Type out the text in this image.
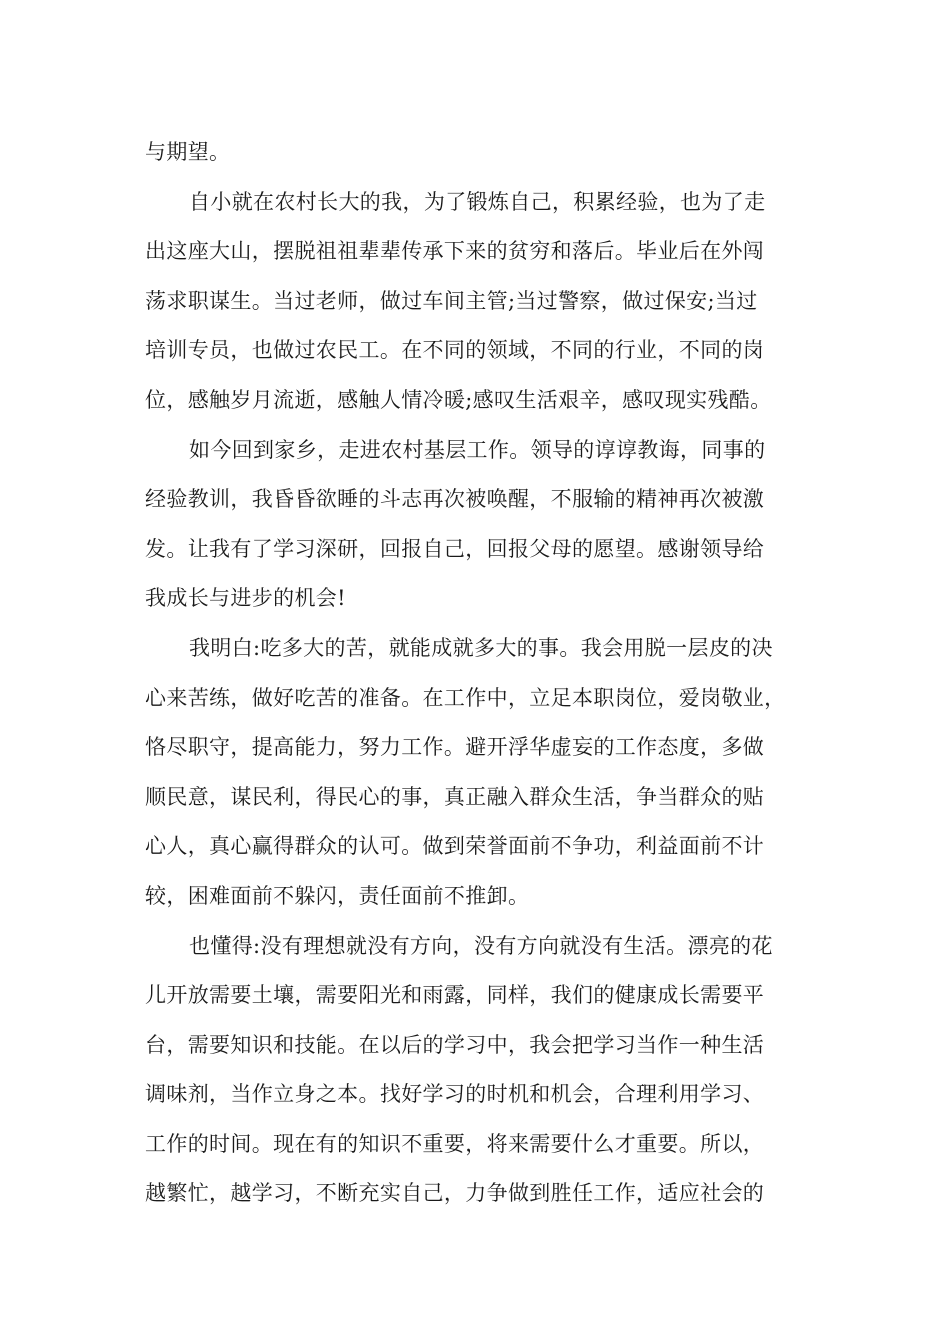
与期望。
自小就在农村长大的我，为了锻炼自己，积累经验，也为了走
出这座大山，摆脱祖祖辈辈传承下来的贫穷和落后。毕业后在外闯
荡求职谋生。当过老师，做过车间主管;当过警察，做过保安;当过
培训专员，也做过农民工。在不同的领域，不同的行业，不同的岗
位，感触岁月流逝，感触人情冷暖;感叹生活艰辛，感叹现实残酷。
如今回到家乡，走进农村基层工作。领导的谆谆教诲，同事的
经验教训，我昏昏欲睡的斗志再次被唤醒，不服输的精神再次被激
发。让我有了学习深研，回报自己，回报父母的愿望。感谢领导给
我成长与进步的机会!
我明白:吃多大的苦，就能成就多大的事。我会用脱一层皮的决
心来苦练，做好吃苦的准备。在工作中，立足本职岗位，爱岗敬业，
恪尽职守，提高能力，努力工作。避开浮华虚妄的工作态度，多做
顺民意，谋民利，得民心的事，真正融入群众生活，争当群众的贴
心人，真心赢得群众的认可。做到荣誉面前不争功，利益面前不计
较，困难面前不躲闪，责任面前不推卸。
也懂得:没有理想就没有方向，没有方向就没有生活。漂亮的花
儿开放需要土壤，需要阳光和雨露，同样，我们的健康成长需要平
台，需要知识和技能。在以后的学习中，我会把学习当作一种生活
调味剂，当作立身之本。找好学习的时机和机会，合理利用学习、
工作的时间。现在有的知识不重要，将来需要什么才重要。所以，
越繁忙，越学习，不断充实自己，力争做到胜任工作，适应社会的
